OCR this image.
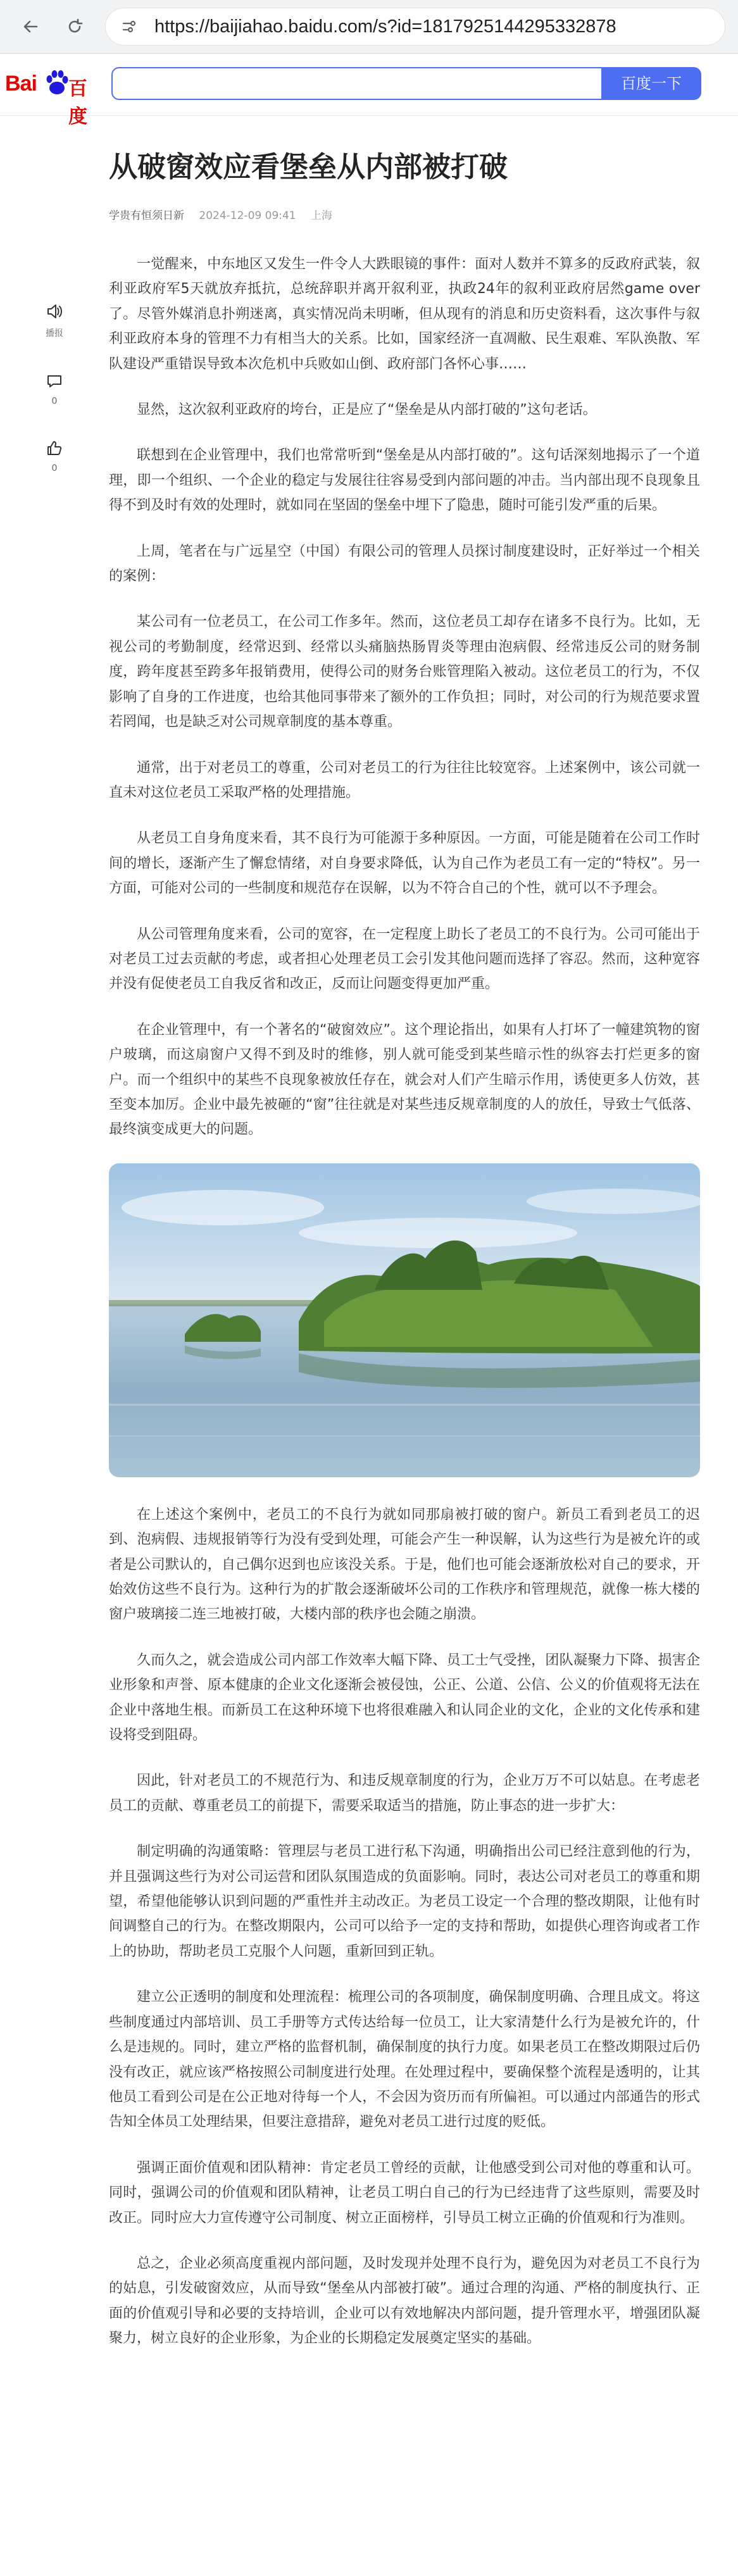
https://baijiahao.baidu.com/s?id=1817925144295332878
Bai 百度
百度一下
从破窗效应看堡垒从内部被打破
学贵有恒须日新 2024-12-09 09:41 上海
播报
0
0

一觉醒来，中东地区又发生一件令人大跌眼镜的事件：面对人数并不算多的反政府武装，叙利亚政府军5天就放弃抵抗，总统辞职并离开叙利亚，执政24年的叙利亚政府居然game over了。尽管外媒消息扑朔迷离，真实情况尚未明晰，但从现有的消息和历史资料看，这次事件与叙利亚政府本身的管理不力有相当大的关系。比如，国家经济一直凋敝、民生艰难、军队涣散、军队建设严重错误导致本次危机中兵败如山倒、政府部门各怀心事……

显然，这次叙利亚政府的垮台，正是应了“堡垒是从内部打破的”这句老话。

联想到在企业管理中，我们也常常听到“堡垒是从内部打破的”。这句话深刻地揭示了一个道理，即一个组织、一个企业的稳定与发展往往容易受到内部问题的冲击。当内部出现不良现象且得不到及时有效的处理时，就如同在坚固的堡垒中埋下了隐患，随时可能引发严重的后果。

上周，笔者在与广远星空（中国）有限公司的管理人员探讨制度建设时，正好举过一个相关的案例：

某公司有一位老员工，在公司工作多年。然而，这位老员工却存在诸多不良行为。比如，无视公司的考勤制度，经常迟到、经常以头痛脑热肠胃炎等理由泡病假、经常违反公司的财务制度，跨年度甚至跨多年报销费用，使得公司的财务台账管理陷入被动。这位老员工的行为，不仅影响了自身的工作进度，也给其他同事带来了额外的工作负担；同时，对公司的行为规范要求置若罔闻，也是缺乏对公司规章制度的基本尊重。

通常，出于对老员工的尊重，公司对老员工的行为往往比较宽容。上述案例中，该公司就一直未对这位老员工采取严格的处理措施。

从老员工自身角度来看，其不良行为可能源于多种原因。一方面，可能是随着在公司工作时间的增长，逐渐产生了懈怠情绪，对自身要求降低，认为自己作为老员工有一定的“特权”。另一方面，可能对公司的一些制度和规范存在误解，以为不符合自己的个性，就可以不予理会。

从公司管理角度来看，公司的宽容，在一定程度上助长了老员工的不良行为。公司可能出于对老员工过去贡献的考虑，或者担心处理老员工会引发其他问题而选择了容忍。然而，这种宽容并没有促使老员工自我反省和改正，反而让问题变得更加严重。

在企业管理中，有一个著名的“破窗效应”。这个理论指出，如果有人打坏了一幢建筑物的窗户玻璃，而这扇窗户又得不到及时的维修，别人就可能受到某些暗示性的纵容去打烂更多的窗户。而一个组织中的某些不良现象被放任存在，就会对人们产生暗示作用，诱使更多人仿效，甚至变本加厉。企业中最先被砸的“窗”往往就是对某些违反规章制度的人的放任，导致士气低落、最终演变成更大的问题。

在上述这个案例中，老员工的不良行为就如同那扇被打破的窗户。新员工看到老员工的迟到、泡病假、违规报销等行为没有受到处理，可能会产生一种误解，认为这些行为是被允许的或者是公司默认的，自己偶尔迟到也应该没关系。于是，他们也可能会逐渐放松对自己的要求，开始效仿这些不良行为。这种行为的扩散会逐渐破坏公司的工作秩序和管理规范，就像一栋大楼的窗户玻璃接二连三地被打破，大楼内部的秩序也会随之崩溃。

久而久之，就会造成公司内部工作效率大幅下降、员工士气受挫，团队凝聚力下降、损害企业形象和声誉、原本健康的企业文化逐渐会被侵蚀，公正、公道、公信、公义的价值观将无法在企业中落地生根。而新员工在这种环境下也将很难融入和认同企业的文化，企业的文化传承和建设将受到阻碍。

因此，针对老员工的不规范行为、和违反规章制度的行为，企业万万不可以姑息。在考虑老员工的贡献、尊重老员工的前提下，需要采取适当的措施，防止事态的进一步扩大：

制定明确的沟通策略：管理层与老员工进行私下沟通，明确指出公司已经注意到他的行为，并且强调这些行为对公司运营和团队氛围造成的负面影响。同时，表达公司对老员工的尊重和期望，希望他能够认识到问题的严重性并主动改正。为老员工设定一个合理的整改期限，让他有时间调整自己的行为。在整改期限内，公司可以给予一定的支持和帮助，如提供心理咨询或者工作上的协助，帮助老员工克服个人问题，重新回到正轨。

建立公正透明的制度和处理流程：梳理公司的各项制度，确保制度明确、合理且成文。将这些制度通过内部培训、员工手册等方式传达给每一位员工，让大家清楚什么行为是被允许的，什么是违规的。同时，建立严格的监督机制，确保制度的执行力度。如果老员工在整改期限过后仍没有改正，就应该严格按照公司制度进行处理。在处理过程中，要确保整个流程是透明的，让其他员工看到公司是在公正地对待每一个人，不会因为资历而有所偏袒。可以通过内部通告的形式告知全体员工处理结果，但要注意措辞，避免对老员工进行过度的贬低。

强调正面价值观和团队精神：肯定老员工曾经的贡献，让他感受到公司对他的尊重和认可。同时，强调公司的价值观和团队精神，让老员工明白自己的行为已经违背了这些原则，需要及时改正。同时应大力宣传遵守公司制度、树立正面榜样，引导员工树立正确的价值观和行为准则。

总之，企业必须高度重视内部问题，及时发现并处理不良行为，避免因为对老员工不良行为的姑息，引发破窗效应，从而导致“堡垒从内部被打破”。通过合理的沟通、严格的制度执行、正面的价值观引导和必要的支持培训，企业可以有效地解决内部问题，提升管理水平，增强团队凝聚力，树立良好的企业形象，为企业的长期稳定发展奠定坚实的基础。
